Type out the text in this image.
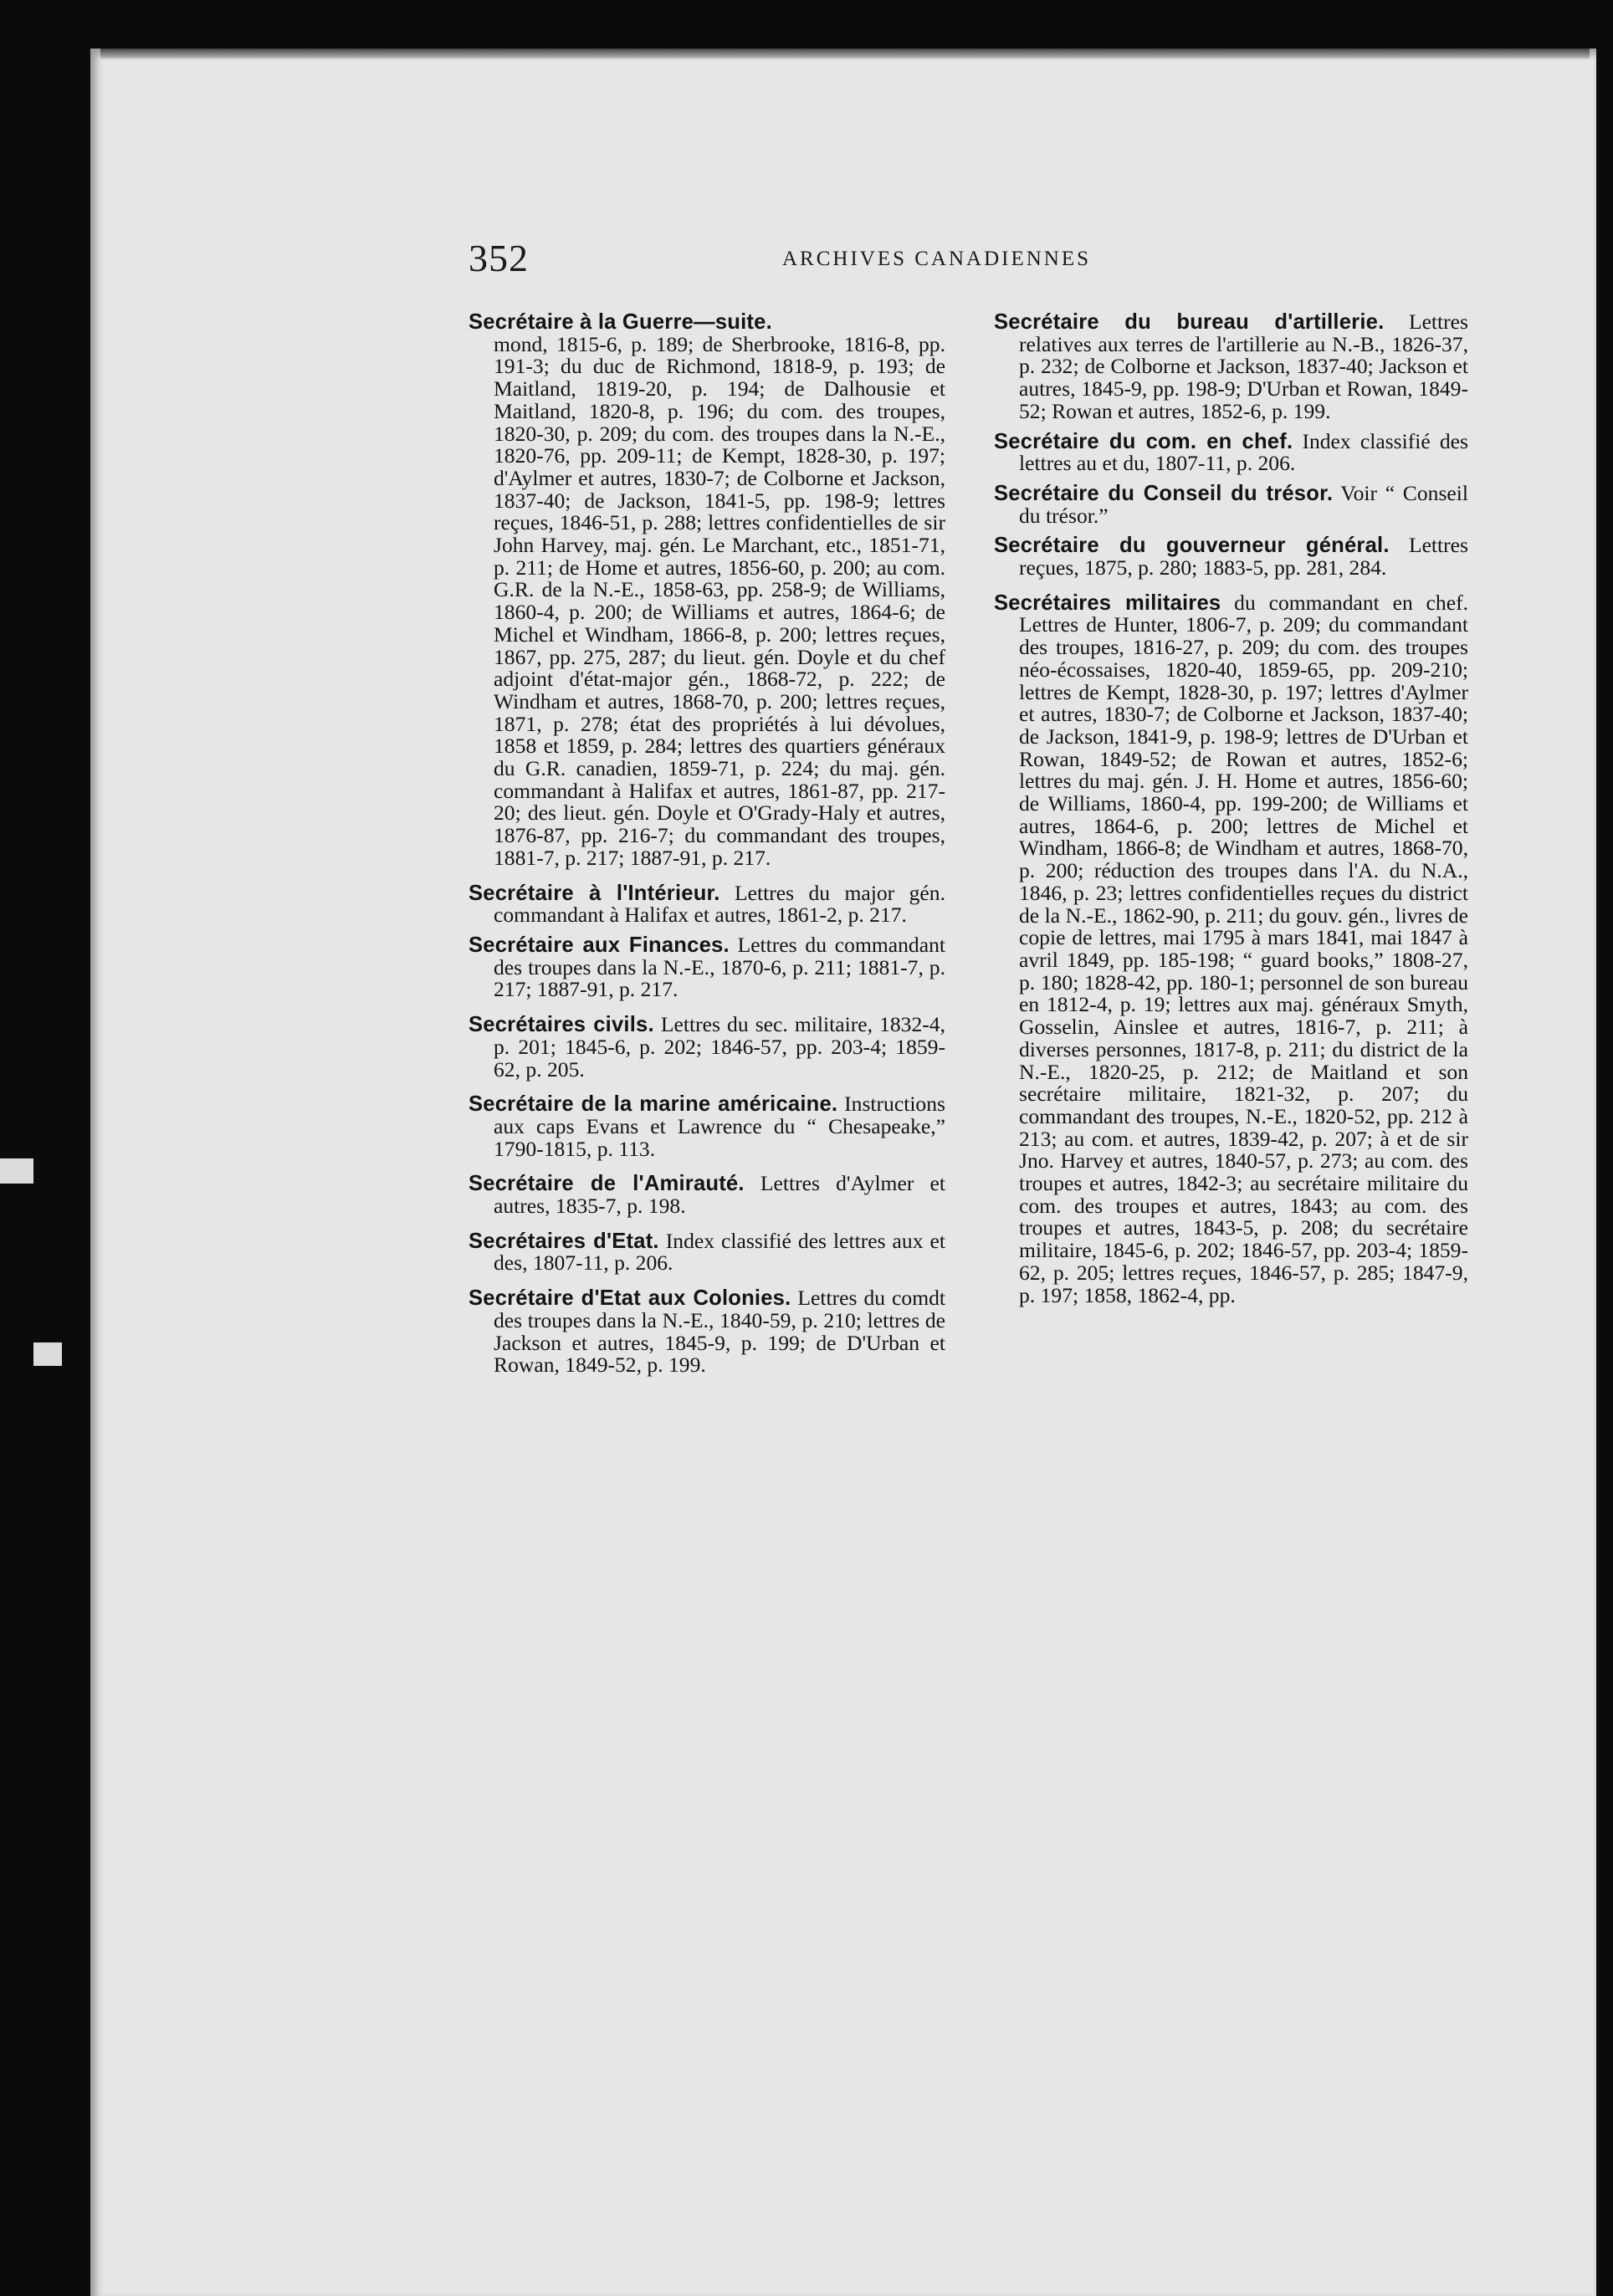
352	ARCHIVES CANADIENNES

Secrétaire à la Guerre—suite.
mond, 1815-6, p. 189; de Sherbrooke, 1816-8, pp. 191-3; du duc de Richmond, 1818-9, p. 193; de Maitland, 1819-20, p. 194; de Dalhousie et Maitland, 1820-8, p. 196; du com. des troupes, 1820-30, p. 209; du com. des troupes dans la N.-E., 1820-76, pp. 209-11; de Kempt, 1828-30, p. 197; d'Aylmer et autres, 1830-7; de Colborne et Jackson, 1837-40; de Jackson, 1841-5, pp. 198-9; lettres reçues, 1846-51, p. 288; lettres confidentielles de sir John Harvey, maj. gén. Le Marchant, etc., 1851-71, p. 211; de Home et autres, 1856-60, p. 200; au com. G.R. de la N.-E., 1858-63, pp. 258-9; de Williams, 1860-4, p. 200; de Williams et autres, 1864-6; de Michel et Windham, 1866-8, p. 200; lettres reçues, 1867, pp. 275, 287; du lieut. gén. Doyle et du chef adjoint d'état-major gén., 1868-72, p. 222; de Windham et autres, 1868-70, p. 200; lettres reçues, 1871, p. 278; état des propriétés à lui dévolues, 1858 et 1859, p. 284; lettres des quartiers généraux du G.R. canadien, 1859-71, p. 224; du maj. gén. commandant à Halifax et autres, 1861-87, pp. 217-20; des lieut. gén. Doyle et O'Grady-Haly et autres, 1876-87, pp. 216-7; du commandant des troupes, 1881-7, p. 217; 1887-91, p. 217.

Secrétaire à l'Intérieur. Lettres du major gén. commandant à Halifax et autres, 1861-2, p. 217.

Secrétaire aux Finances. Lettres du commandant des troupes dans la N.-E., 1870-6, p. 211; 1881-7, p. 217; 1887-91, p. 217.

Secrétaires civils. Lettres du sec. militaire, 1832-4, p. 201; 1845-6, p. 202; 1846-57, pp. 203-4; 1859-62, p. 205.

Secrétaire de la marine américaine. Instructions aux caps Evans et Lawrence du “ Chesapeake,” 1790-1815, p. 113.

Secrétaire de l'Amirauté. Lettres d'Aylmer et autres, 1835-7, p. 198.

Secrétaires d'Etat. Index classifié des lettres aux et des, 1807-11, p. 206.

Secrétaire d'Etat aux Colonies. Lettres du comdt des troupes dans la N.-E., 1840-59, p. 210; lettres de Jackson et autres, 1845-9, p. 199; de D'Urban et Rowan, 1849-52, p. 199.

Secrétaire du bureau d'artillerie. Lettres relatives aux terres de l'artillerie au N.-B., 1826-37, p. 232; de Colborne et Jackson, 1837-40; Jackson et autres, 1845-9, pp. 198-9; D'Urban et Rowan, 1849-52; Rowan et autres, 1852-6, p. 199.

Secrétaire du com. en chef. Index classifié des lettres au et du, 1807-11, p. 206.

Secrétaire du Conseil du trésor. Voir “ Conseil du trésor.”

Secrétaire du gouverneur général. Lettres reçues, 1875, p. 280; 1883-5, pp. 281, 284.

Secrétaires militaires du commandant en chef. Lettres de Hunter, 1806-7, p. 209; du commandant des troupes, 1816-27, p. 209; du com. des troupes néo-écossaises, 1820-40, 1859-65, pp. 209-210; lettres de Kempt, 1828-30, p. 197; lettres d'Aylmer et autres, 1830-7; de Colborne et Jackson, 1837-40; de Jackson, 1841-9, p. 198-9; lettres de D'Urban et Rowan, 1849-52; de Rowan et autres, 1852-6; lettres du maj. gén. J. H. Home et autres, 1856-60; de Williams, 1860-4, pp. 199-200; de Williams et autres, 1864-6, p. 200; lettres de Michel et Windham, 1866-8; de Windham et autres, 1868-70, p. 200; réduction des troupes dans l'A. du N.A., 1846, p. 23; lettres confidentielles reçues du district de la N.-E., 1862-90, p. 211; du gouv. gén., livres de copie de lettres, mai 1795 à mars 1841, mai 1847 à avril 1849, pp. 185-198; “ guard books,” 1808-27, p. 180; 1828-42, pp. 180-1; personnel de son bureau en 1812-4, p. 19; lettres aux maj. généraux Smyth, Gosselin, Ainslee et autres, 1816-7, p. 211; à diverses personnes, 1817-8, p. 211; du district de la N.-E., 1820-25, p. 212; de Maitland et son secrétaire militaire, 1821-32, p. 207; du commandant des troupes, N.-E., 1820-52, pp. 212 à 213; au com. et autres, 1839-42, p. 207; à et de sir Jno. Harvey et autres, 1840-57, p. 273; au com. des troupes et autres, 1842-3; au secrétaire militaire du com. des troupes et autres, 1843; au com. des troupes et autres, 1843-5, p. 208; du secrétaire militaire, 1845-6, p. 202; 1846-57, pp. 203-4; 1859-62, p. 205; lettres reçues, 1846-57, p. 285; 1847-9, p. 197; 1858, 1862-4, pp.
